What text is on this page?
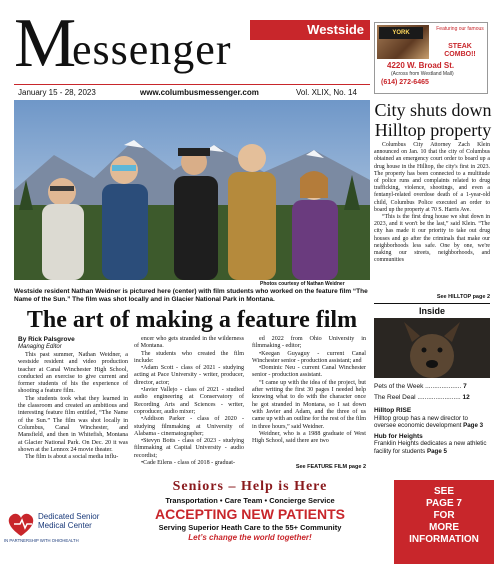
Westside
M
essenger
January 15 - 28, 2023	www.columbusmessenger.com	Vol. XLIX, No. 14
YORK
Featuring our famous
STEAK COMBO!!
4220 W. Broad St.
(Across from Westland Mall)
(614) 272-6465
Photos courtesy of Nathan Weidner
Westside resident Nathan Weidner is pictured here (center) with film students who worked on the feature film “The Name of the Sun.” The film was shot locally and in Glacier National Park in Montana.
City shuts down Hilltop property

Columbus City Attorney Zach Klein announced on Jan. 10 that the city of Columbus obtained an emergency court order to board up a drug house in the Hilltop, the city's first in 2023. The property has been connected to a multitude of police runs and complaints related to drug trafficking, violence, shootings, and even a fentanyl-related overdose death of a 1-year-old child, Columbus Police executed an order to board up the property at 70 S. Harris Ave.

“This is the first drug house we shut down in 2023, and it won't be the last,” said Klein. “The city has made it our priority to take out drug houses and go after the criminals that make our neighborhoods less safe. One by one, we're making our streets, neighborhoods, and communities

See HILLTOP page 2
Inside
Pets of the Week .................... 7
The Reel Deal ........................ 12
Hilltop RISE
Hilltop group has a new director to oversee economic development Page 3
Hub for Heights
Franklin Heights dedicates a new athletic facility for students Page 5
The art of making a feature film
By Rick Palsgrove
Managing Editor

This past summer, Nathan Weidner, a westside resident and video production teacher at Canal Winchester High School, conducted an exercise to give current and former students of his the experience of shooting a feature film.

The students took what they learned in the classroom and created an ambitious and interesting feature film entitled, “The Name of the Sun.” The film was shot locally in Columbus, Canal Winchester, and Mansfield, and then in Whitefish, Montana at Glacier National Park. On Dec. 20 it was shown at the Lennox 24 movie theater.

The film is about a social media influ-

encer who gets stranded in the wilderness of Montana.

The students who created the film include:

•Adam Scott - class of 2021 - studying acting at Pace University - writer, producer, director, actor;

•Javier Vallejo - class of 2021 - studied audio engineering at Conservatory of Recording Arts and Sciences - writer, coproducer, audio mixer;

•Addison Parker - class of 2020 - studying filmmaking at University of Alabama - cinematographer;

•Stevyn Botts - class of 2023 - studying filmmaking at Capital University - audio recordist;

•Cade Eilens - class of 2018 - graduat-

ed 2022 from Ohio University in filmmaking - editor;

•Keegan Guyaguy - current Canal Winchester senior - production assistant; and

•Dominic Neu - current Canal Winchester senior - production assistant.

“I came up with the idea of the project, but after writing the first 30 pages I needed help knowing what to do with the character once he got stranded in Montana, so I sat down with Javier and Adam, and the three of us came up with an outline for the rest of the film in three hours,” said Weidner.

Weidner, who is a 1988 graduate of West High School, said there are two

See FEATURE FILM page 2
Dedicated Senior
Medical Center
IN PARTNERSHIP WITH OHIOHEALTH
Seniors – Help is Here
Transportation • Care Team • Concierge Service
ACCEPTING NEW PATIENTS
Serving Superior Heath Care to the 55+ Community
Let’s change the world together!
SEE
PAGE 7
FOR
MORE
INFORMATION
